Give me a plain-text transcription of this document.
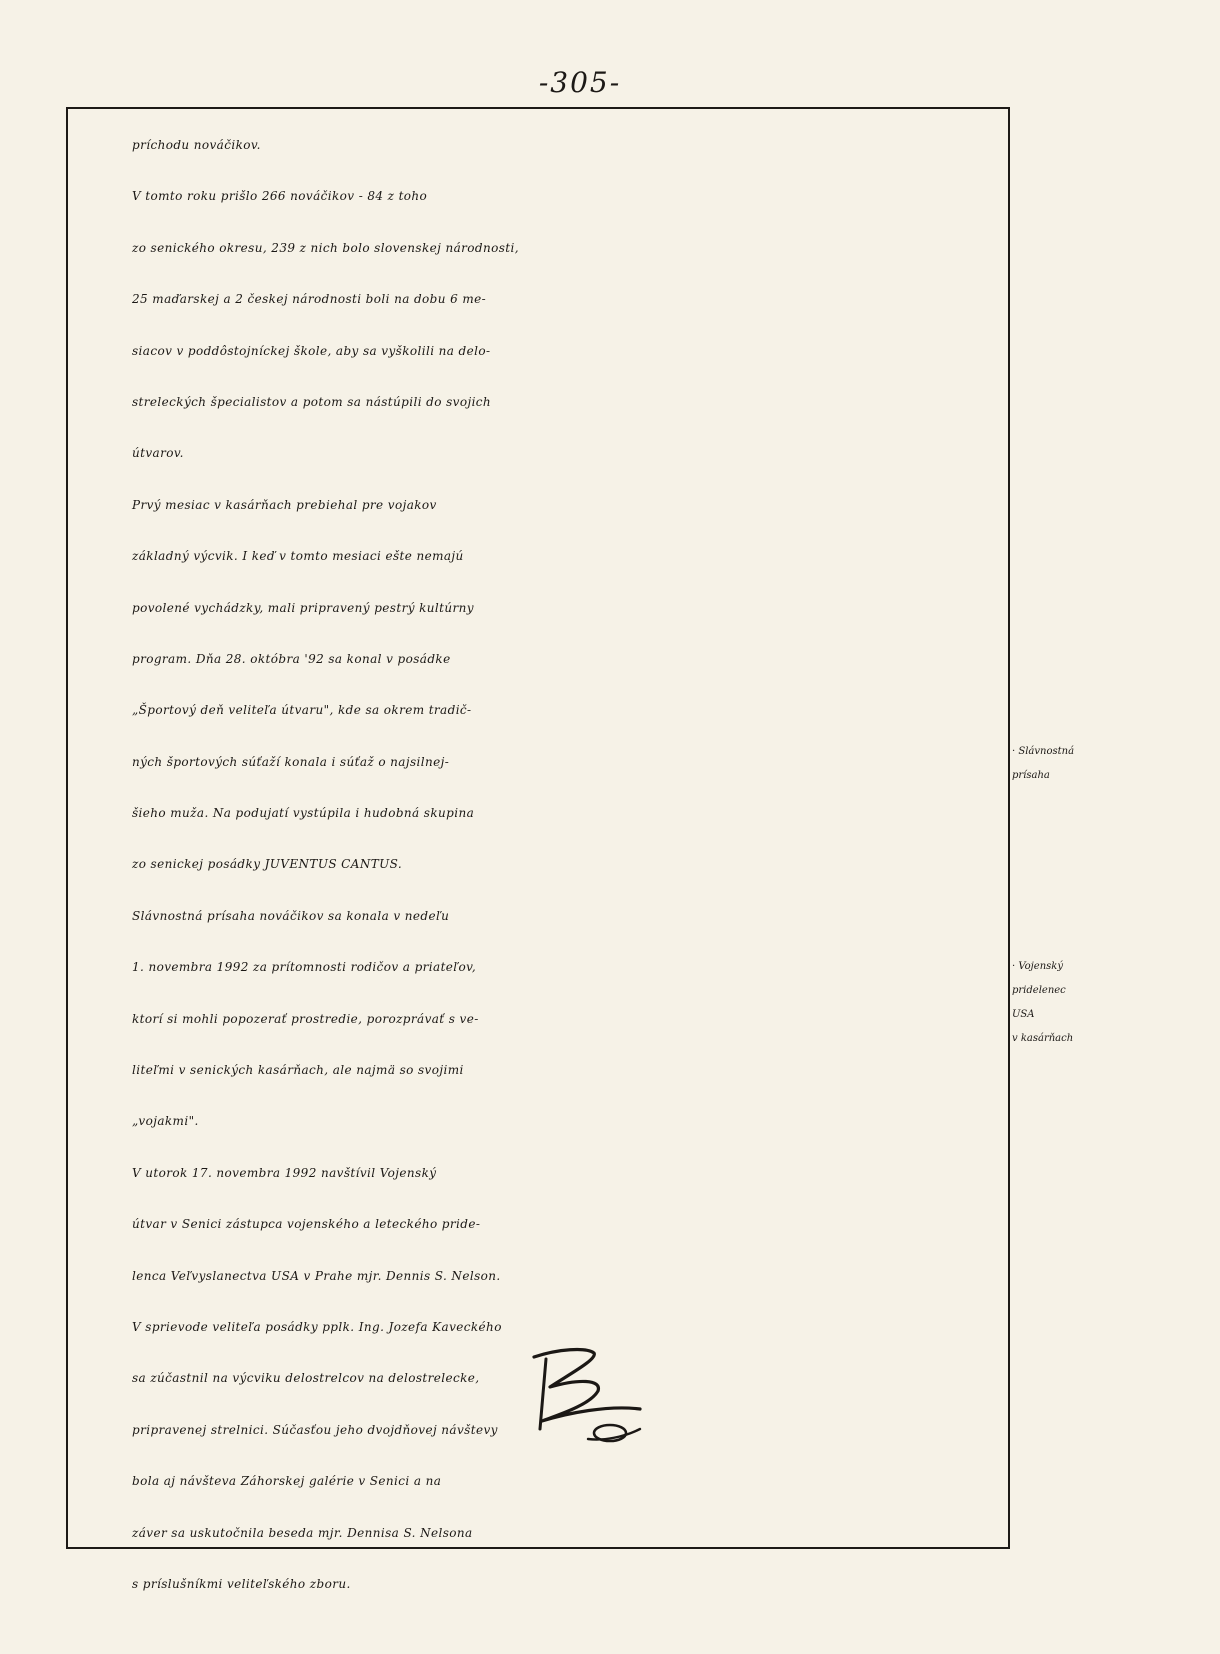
-305-
príchodu nováčikov.
V tomto roku prišlo 266 nováčikov - 84 z toho
zo senického okresu, 239 z nich bolo slovenskej národnosti,
25 maďarskej a 2 českej národnosti boli na dobu 6 me-
siacov v poddôstojníckej škole, aby sa vyškolili na delo-
streleckých špecialistov a potom sa nástúpili do svojich
útvarov.
Prvý mesiac v kasárňach prebiehal pre vojakov
základný výcvik. I keď v tomto mesiaci ešte nemajú
povolené vychádzky, mali pripravený pestrý kultúrny
program. Dňa 28. októbra '92 sa konal v posádke
„Športový deň veliteľa útvaru", kde sa okrem tradič-
ných športových súťaží konala i súťaž o najsilnej-
šieho muža. Na podujatí vystúpila i hudobná skupina
zo senickej posádky JUVENTUS CANTUS.
Slávnostná prísaha nováčikov sa konala v nedeľu
1. novembra 1992 za prítomnosti rodičov a priateľov,
ktorí si mohli popozerať prostredie, porozprávať s ve-
liteľmi v senických kasárňach, ale najmä so svojimi
„vojakmi".
V utorok 17. novembra 1992 navštívil Vojenský
útvar v Senici zástupca vojenského a leteckého pride-
lenca Veľvyslanectva USA v Prahe mjr. Dennis S. Nelson.
V sprievode veliteľa posádky pplk. Ing. Jozefa Kaveckého
sa zúčastnil na výcviku delostrelcov na delostrelecke,
pripravenej strelnici. Súčasťou jeho dvojdňovej návštevy
bola aj návšteva Záhorskej galérie v Senici a na
záver sa uskutočnila beseda mjr. Dennisa S. Nelsona
s príslušníkmi veliteľského zboru.
· Slávnostná
prísaha
· Vojenský
pridelenec
USA
v kasárňach
